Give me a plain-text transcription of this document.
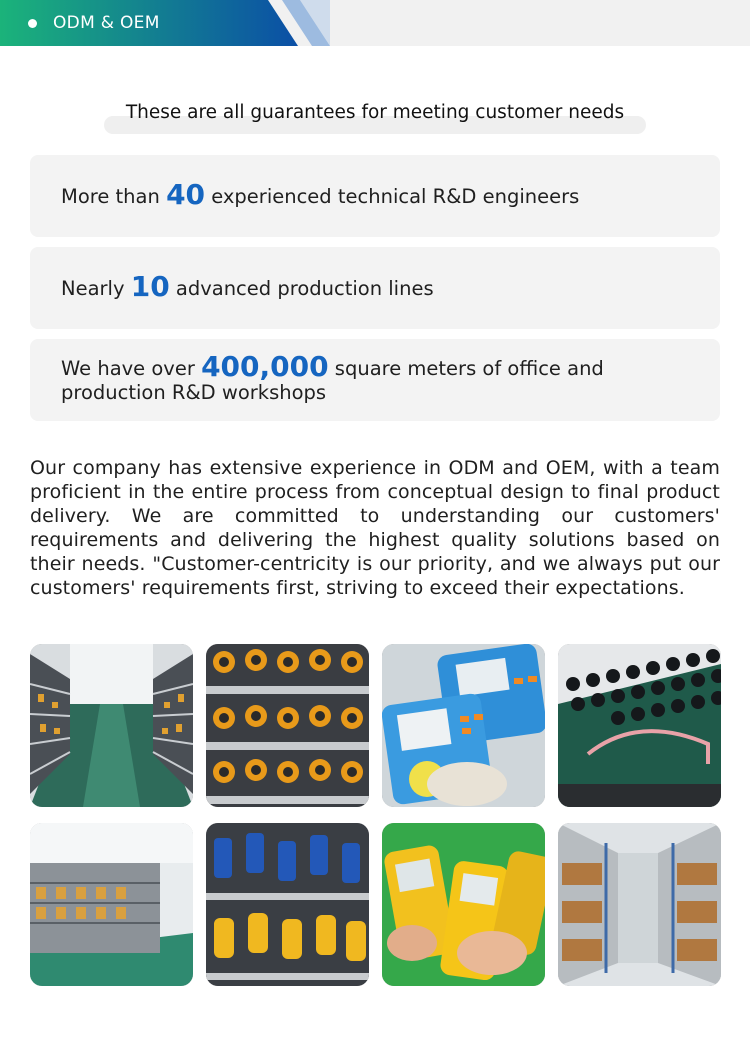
ODM & OEM
These are all guarantees for meeting customer needs
More than 40 experienced technical R&D engineers
Nearly 10 advanced production lines
We have over 400,000 square meters of office and production R&D workshops
Our company has extensive experience in ODM and OEM, with a team proficient in the entire process from conceptual design to final product delivery. We are committed to understanding our customers' requirements and delivering the highest quality solutions based on their needs. "Customer-centricity is our priority, and we always put our customers' requirements first, striving to exceed their expectations.
